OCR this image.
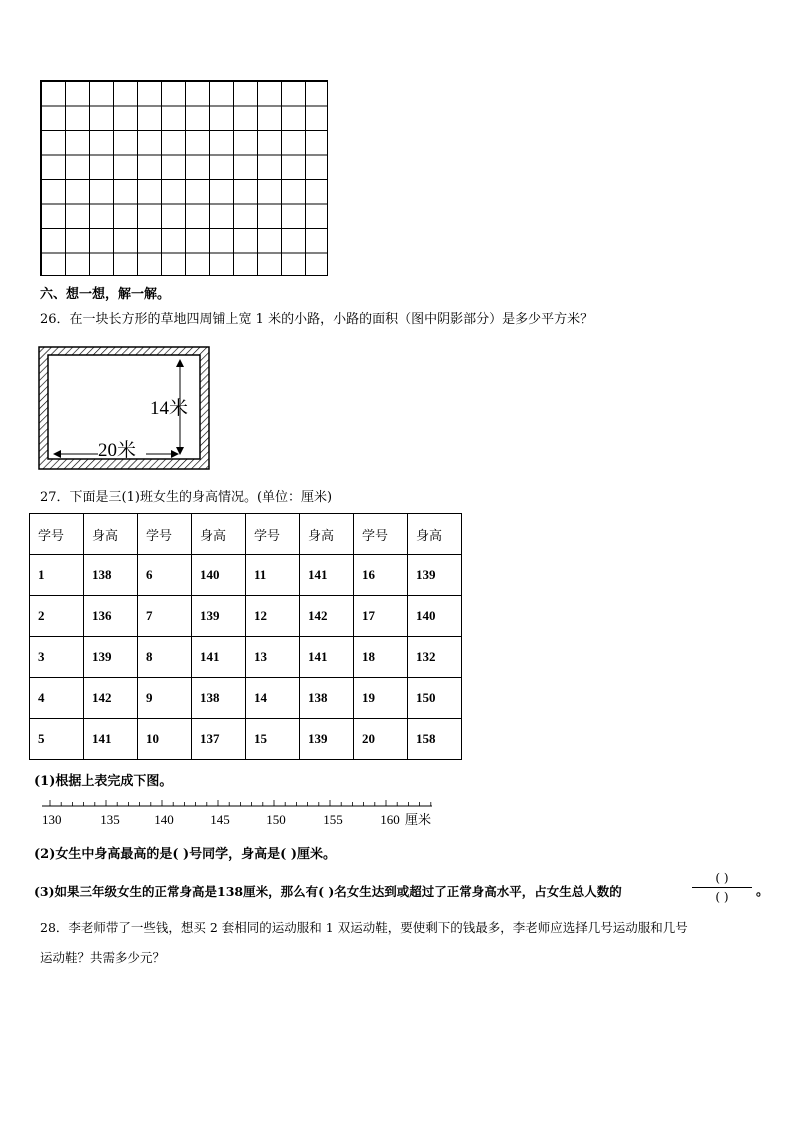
六、想一想，解一解。
26．在一块长方形的草地四周铺上宽 1 米的小路，小路的面积（图中阴影部分）是多少平方米？
14米
20米
27．下面是三(1)班女生的身高情况。(单位：厘米)
学号	身高	学号	身高	学号	身高	学号	身高
1	138	6	140	11	141	16	139
2	136	7	139	12	142	17	140
3	139	8	141	13	141	18	132
4	142	9	138	14	138	19	150
5	141	10	137	15	139	20	158
(1)根据上表完成下图。
130	135	140	145	150	155	160 厘米
(2)女生中身高最高的是( )号同学，身高是( )厘米。
(3)如果三年级女生的正常身高是138厘米，那么有( )名女生达到或超过了正常身高水平，占女生总人数的
( )
( )	。
28．李老师带了一些钱，想买 2 套相同的运动服和 1 双运动鞋，要使剩下的钱最多，李老师应选择几号运动服和几号
运动鞋？共需多少元？
